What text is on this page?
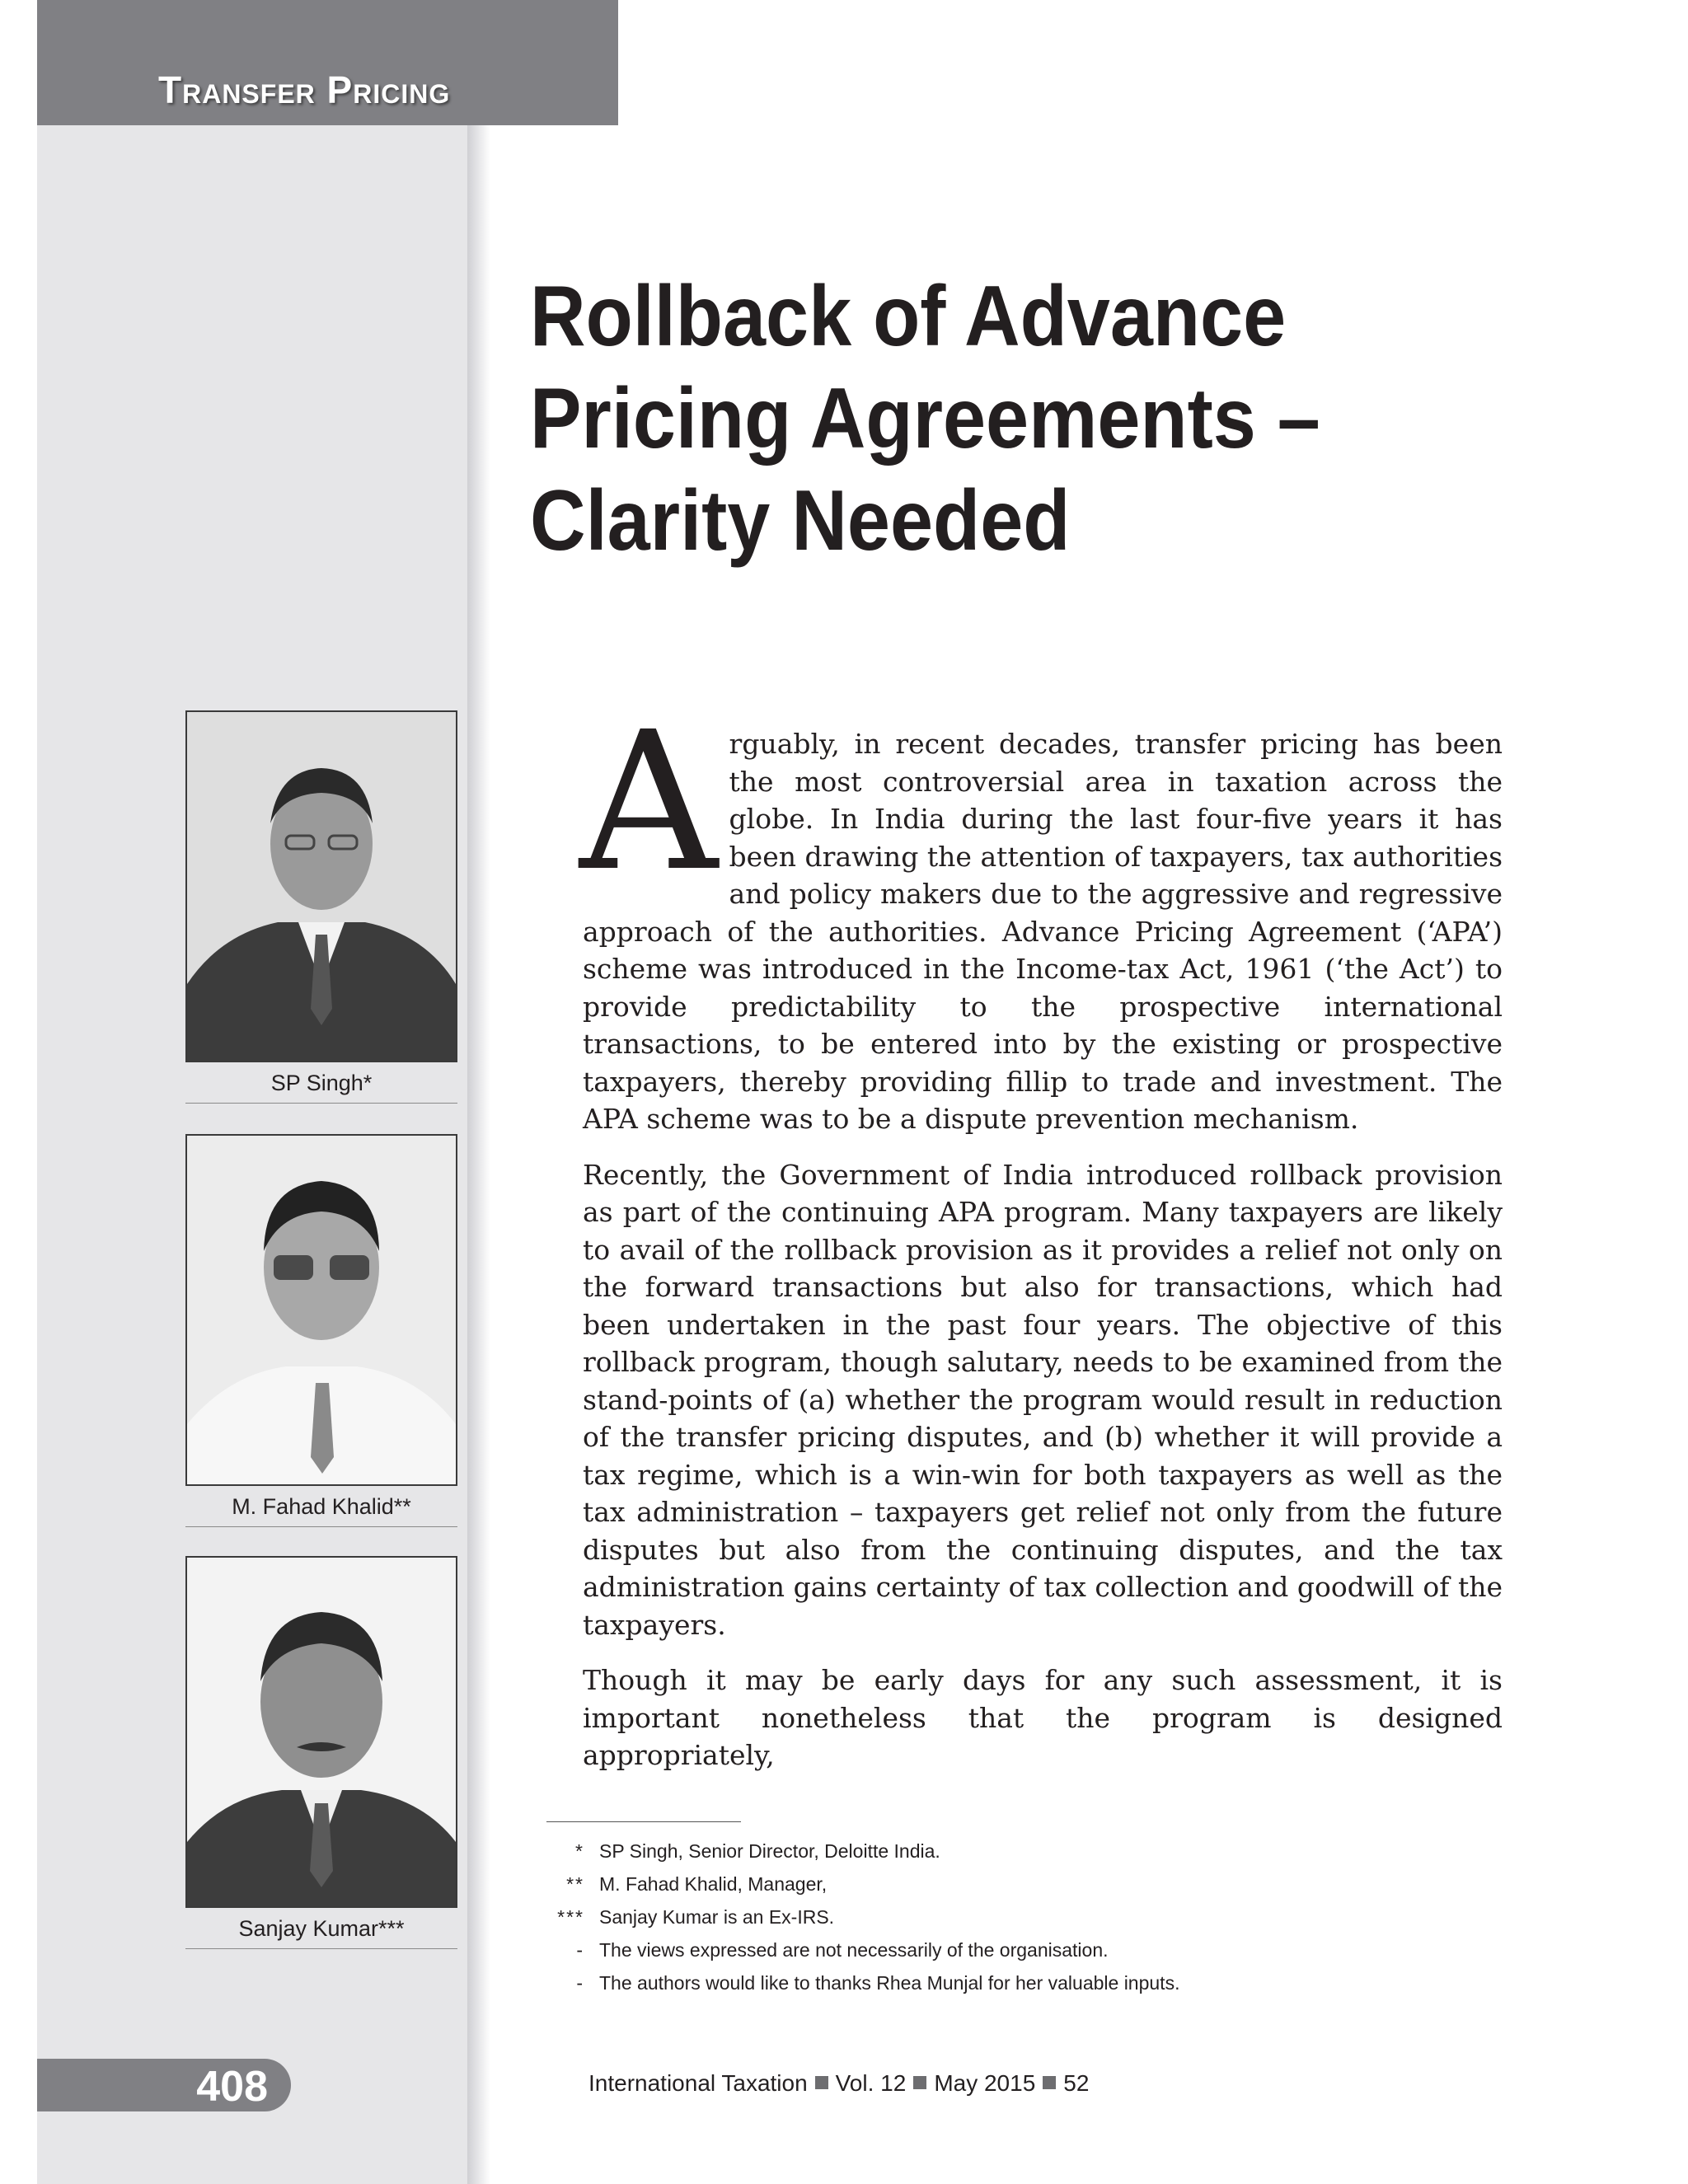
Transfer Pricing
Rollback of Advance Pricing Agreements – Clarity Needed
SP Singh*
M. Fahad Khalid**
Sanjay Kumar***

Arguably, in recent decades, transfer pricing has been the most controversial area in taxation across the globe. In India during the last four-five years it has been drawing the attention of taxpayers, tax authorities and policy makers due to the aggressive and regressive approach of the authorities. Advance Pricing Agreement (‘APA’) scheme was introduced in the Income-tax Act, 1961 (‘the Act’) to provide predictability to the prospective international transactions, to be entered into by the existing or prospective taxpayers, thereby providing fillip to trade and investment. The APA scheme was to be a dispute prevention mechanism.

Recently, the Government of India introduced rollback provision as part of the continuing APA program. Many taxpayers are likely to avail of the rollback provision as it provides a relief not only on the forward transactions but also for transactions, which had been undertaken in the past four years. The objective of this rollback program, though salutary, needs to be examined from the stand-points of (a) whether the program would result in reduction of the transfer pricing disputes, and (b) whether it will provide a tax regime, which is a win-win for both taxpayers as well as the tax administration – taxpayers get relief not only from the future disputes but also from the continuing disputes, and the tax administration gains certainty of tax collection and goodwill of the taxpayers.

Though it may be early days for any such assessment, it is important nonetheless that the program is designed appropriately,

* SP Singh, Senior Director, Deloitte India.
** M. Fahad Khalid, Manager,
*** Sanjay Kumar is an Ex-IRS.
- The views expressed are not necessarily of the organisation.
- The authors would like to thanks Rhea Munjal for her valuable inputs.
408	International Taxation Vol. 12 May 2015 52
